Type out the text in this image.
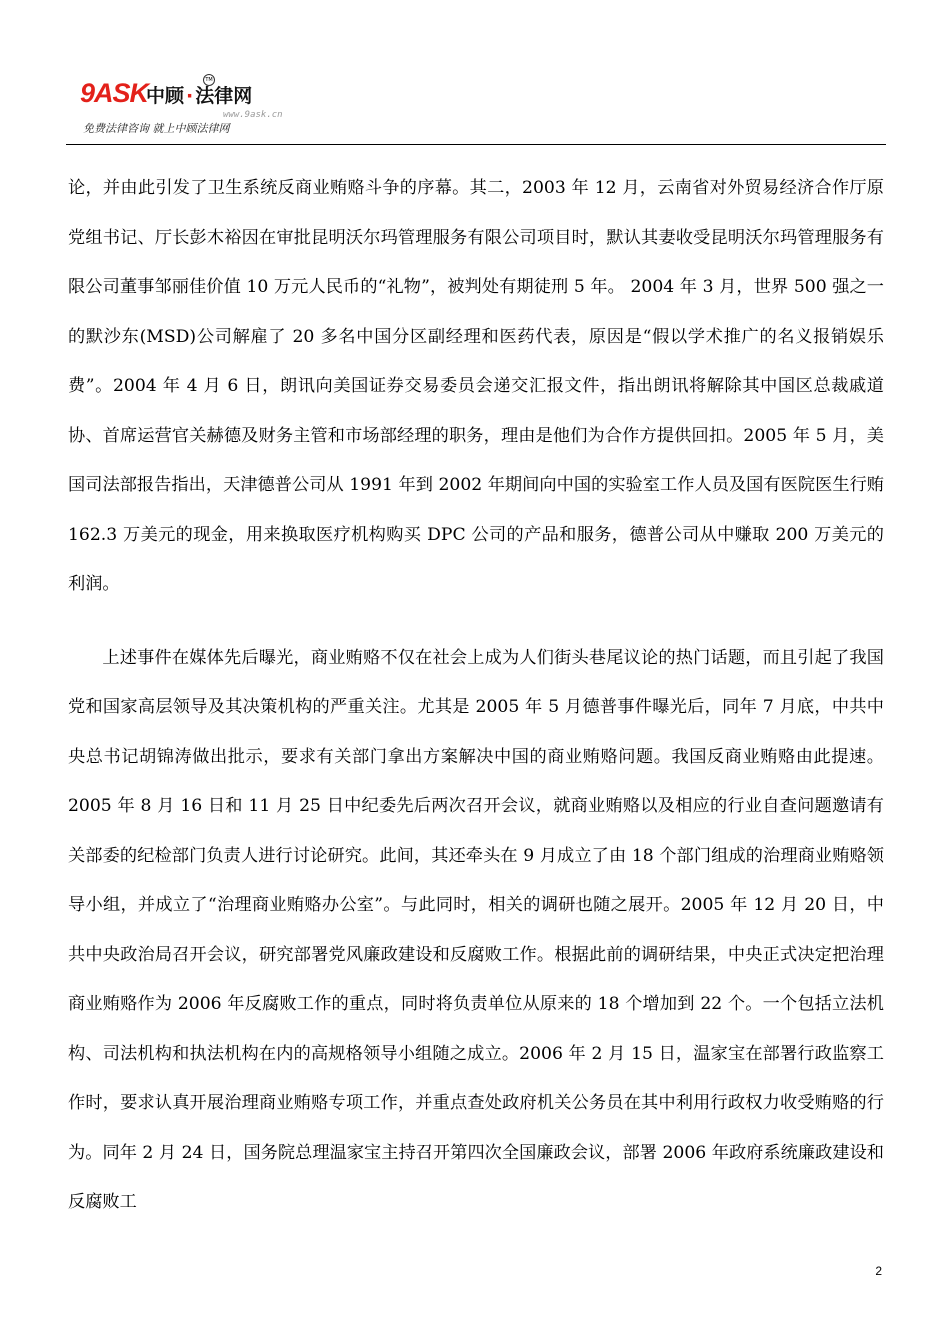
9ASK
中顾 · 法律网
TM
www.9ask.cn
免费法律咨询 就上中顾法律网

论，并由此引发了卫生系统反商业贿赂斗争的序幕。其二，2003 年 12 月，云南省对外贸易经济合作厅原党组书记、厅长彭木裕因在审批昆明沃尔玛管理服务有限公司项目时，默认其妻收受昆明沃尔玛管理服务有限公司董事邹丽佳价值 10 万元人民币的“礼物”，被判处有期徒刑 5 年。 2004 年 3 月，世界 500 强之一的默沙东(MSD)公司解雇了 20 多名中国分区副经理和医药代表，原因是“假以学术推广的名义报销娱乐费”。2004 年 4 月 6 日，朗讯向美国证券交易委员会递交汇报文件，指出朗讯将解除其中国区总裁戚道协、首席运营官关赫德及财务主管和市场部经理的职务，理由是他们为合作方提供回扣。2005 年 5 月，美国司法部报告指出，天津德普公司从 1991 年到 2002 年期间向中国的实验室工作人员及国有医院医生行贿 162.3 万美元的现金，用来换取医疗机构购买 DPC 公司的产品和服务，德普公司从中赚取 200 万美元的利润。

上述事件在媒体先后曝光，商业贿赂不仅在社会上成为人们街头巷尾议论的热门话题，而且引起了我国党和国家高层领导及其决策机构的严重关注。尤其是 2005 年 5 月德普事件曝光后，同年 7 月底，中共中央总书记胡锦涛做出批示，要求有关部门拿出方案解决中国的商业贿赂问题。我国反商业贿赂由此提速。2005 年 8 月 16 日和 11 月 25 日中纪委先后两次召开会议，就商业贿赂以及相应的行业自查问题邀请有关部委的纪检部门负责人进行讨论研究。此间，其还牵头在 9 月成立了由 18 个部门组成的治理商业贿赂领导小组，并成立了“治理商业贿赂办公室”。与此同时，相关的调研也随之展开。2005 年 12 月 20 日，中共中央政治局召开会议，研究部署党风廉政建设和反腐败工作。根据此前的调研结果，中央正式决定把治理商业贿赂作为 2006 年反腐败工作的重点，同时将负责单位从原来的 18 个增加到 22 个。一个包括立法机构、司法机构和执法机构在内的高规格领导小组随之成立。2006 年 2 月 15 日，温家宝在部署行政监察工作时，要求认真开展治理商业贿赂专项工作，并重点查处政府机关公务员在其中利用行政权力收受贿赂的行为。同年 2 月 24 日，国务院总理温家宝主持召开第四次全国廉政会议，部署 2006 年政府系统廉政建设和反腐败工

2
